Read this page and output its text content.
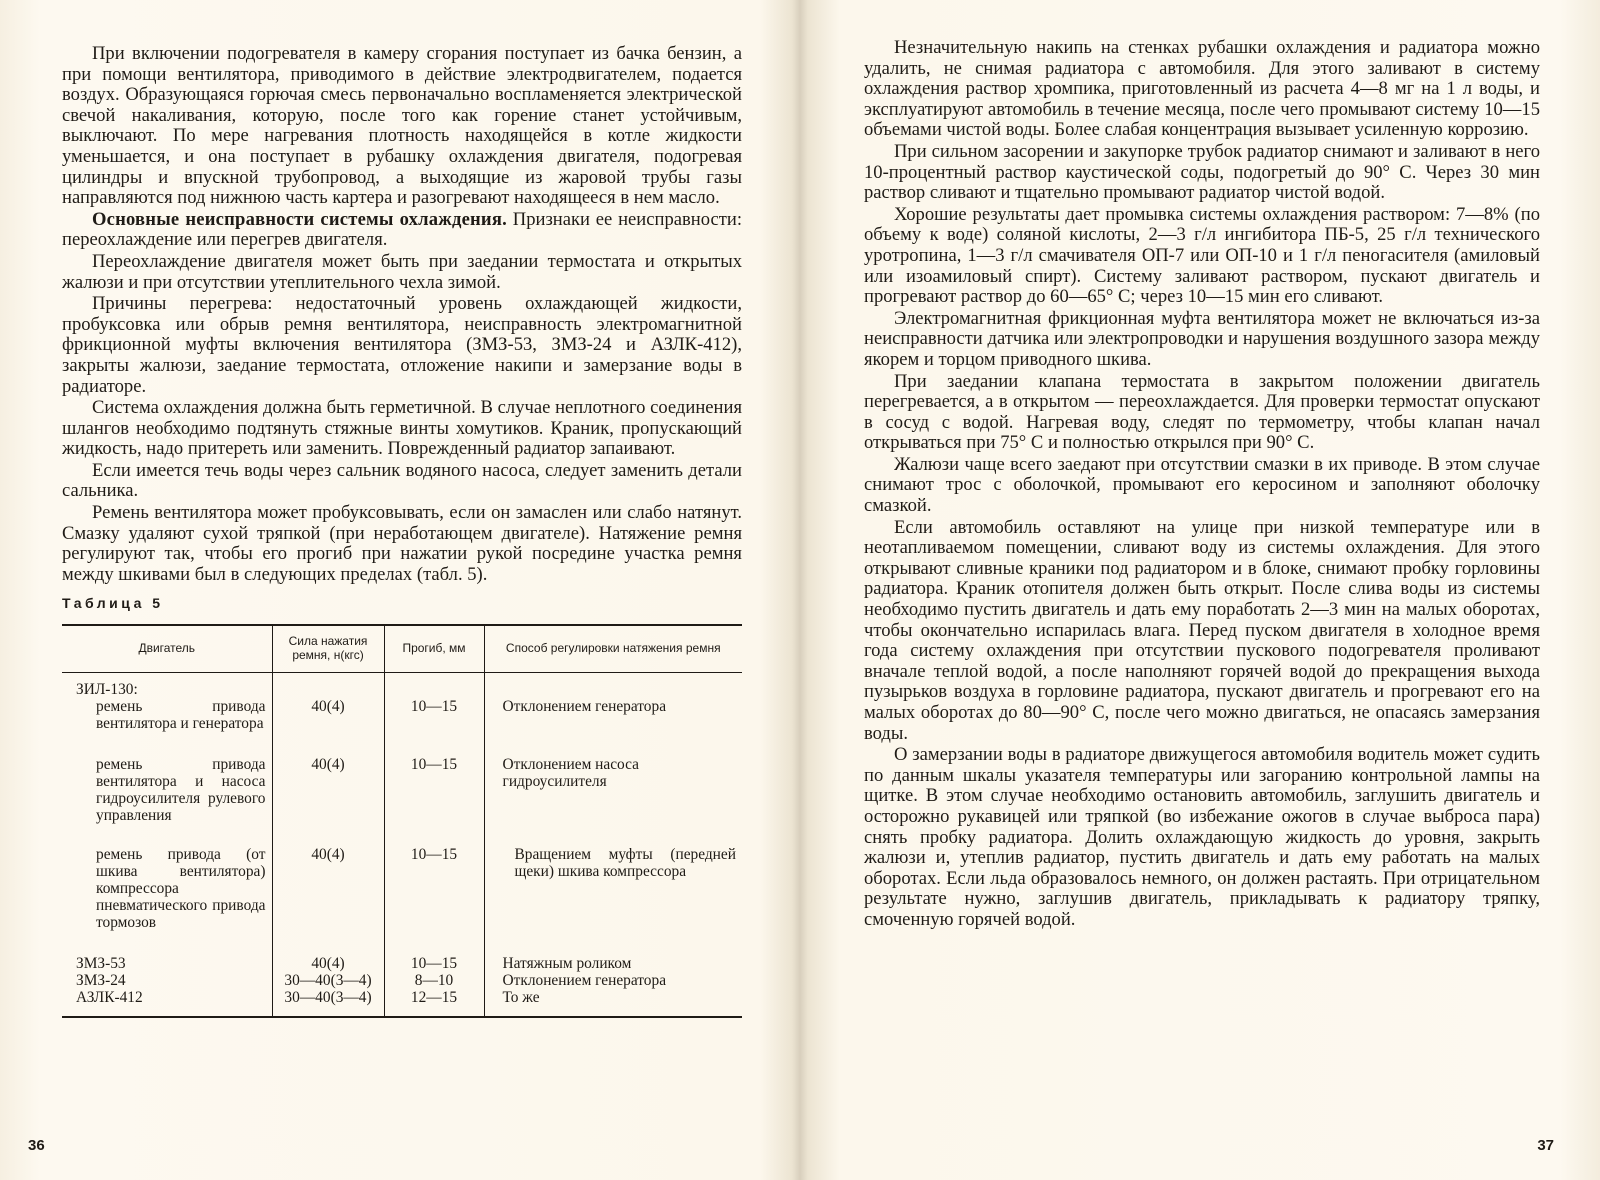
При включении подогревателя в камеру сгорания поступает из бачка бензин, а при помощи вентилятора, приводимого в действие электродвигателем, подается воздух. Образующаяся горючая смесь первоначально воспламеняется электрической свечой накаливания, которую, после того как горение станет устойчивым, выключают. По мере нагревания плотность находящейся в котле жидкости уменьшается, и она поступает в рубашку охлаждения двигателя, подогревая цилиндры и впускной трубопровод, а выходящие из жаровой трубы газы направляются под нижнюю часть картера и разогревают находящееся в нем масло.

Основные неисправности системы охлаждения. Признаки ее неисправности: переохлаждение или перегрев двигателя.

Переохлаждение двигателя может быть при заедании термостата и открытых жалюзи и при отсутствии утеплительного чехла зимой.

Причины перегрева: недостаточный уровень охлаждающей жидкости, пробуксовка или обрыв ремня вентилятора, неисправность электромагнитной фрикционной муфты включения вентилятора (ЗМЗ-53, ЗМЗ-24 и АЗЛК-412), закрыты жалюзи, заедание термостата, отложение накипи и замерзание воды в радиаторе.

Система охлаждения должна быть герметичной. В случае неплотного соединения шлангов необходимо подтянуть стяжные винты хомутиков. Краник, пропускающий жидкость, надо притереть или заменить. Поврежденный радиатор запаивают.

Если имеется течь воды через сальник водяного насоса, следует заменить детали сальника.

Ремень вентилятора может пробуксовывать, если он замаслен или слабо натянут. Смазку удаляют сухой тряпкой (при неработающем двигателе). Натяжение ремня регулируют так, чтобы его прогиб при нажатии рукой посредине участка ремня между шкивами был в следующих пределах (табл. 5).

Таблица 5
Двигатель	Сила нажатия ремня, н(кгс)	Прогиб, мм	Способ регулировки натяжения ремня
ЗИЛ-130:			

ремень привода вентилятора и генератора	40(4)	10—15	Отклонением генератора

ремень привода вентилятора и насоса гидроусилителя рулевого управления	40(4)	10—15	Отклонением насоса гидроусилителя

ремень привода (от шкива вентилятора) компрессора пневматического привода тормозов	40(4)	10—15	Вращением муфты (передней щеки) шкива компрессора
ЗМЗ-53	40(4)	10—15	Натяжным роликом
ЗМЗ-24	30—40(3—4)	8—10	Отклонением генератора
АЗЛК-412	30—40(3—4)	12—15	То же
36

Незначительную накипь на стенках рубашки охлаждения и радиатора можно удалить, не снимая радиатора с автомобиля. Для этого заливают в систему охлаждения раствор хромпика, приготовленный из расчета 4—8 мг на 1 л воды, и эксплуатируют автомобиль в течение месяца, после чего промывают систему 10—15 объемами чистой воды. Более слабая концентрация вызывает усиленную коррозию.

При сильном засорении и закупорке трубок радиатор снимают и заливают в него 10-процентный раствор каустической соды, подогретый до 90° С. Через 30 мин раствор сливают и тщательно промывают радиатор чистой водой.

Хорошие результаты дает промывка системы охлаждения раствором: 7—8% (по объему к воде) соляной кислоты, 2—3 г/л ингибитора ПБ-5, 25 г/л технического уротропина, 1—3 г/л смачивателя ОП-7 или ОП-10 и 1 г/л пеногасителя (амиловый или изоамиловый спирт). Систему заливают раствором, пускают двигатель и прогревают раствор до 60—65° С; через 10—15 мин его сливают.

Электромагнитная фрикционная муфта вентилятора может не включаться из-за неисправности датчика или электропроводки и нарушения воздушного зазора между якорем и торцом приводного шкива.

При заедании клапана термостата в закрытом положении двигатель перегревается, а в открытом — переохлаждается. Для проверки термостат опускают в сосуд с водой. Нагревая воду, следят по термометру, чтобы клапан начал открываться при 75° С и полностью открылся при 90° С.

Жалюзи чаще всего заедают при отсутствии смазки в их приводе. В этом случае снимают трос с оболочкой, промывают его керосином и заполняют оболочку смазкой.

Если автомобиль оставляют на улице при низкой температуре или в неотапливаемом помещении, сливают воду из системы охлаждения. Для этого открывают сливные краники под радиатором и в блоке, снимают пробку горловины радиатора. Краник отопителя должен быть открыт. После слива воды из системы необходимо пустить двигатель и дать ему поработать 2—3 мин на малых оборотах, чтобы окончательно испарилась влага. Перед пуском двигателя в холодное время года систему охлаждения при отсутствии пускового подогревателя проливают вначале теплой водой, а после наполняют горячей водой до прекращения выхода пузырьков воздуха в горловине радиатора, пускают двигатель и прогревают его на малых оборотах до 80—90° С, после чего можно двигаться, не опасаясь замерзания воды.

О замерзании воды в радиаторе движущегося автомобиля водитель может судить по данным шкалы указателя температуры или загоранию контрольной лампы на щитке. В этом случае необходимо остановить автомобиль, заглушить двигатель и осторожно рукавицей или тряпкой (во избежание ожогов в случае выброса пара) снять пробку радиатора. Долить охлаждающую жидкость до уровня, закрыть жалюзи и, утеплив радиатор, пустить двигатель и дать ему работать на малых оборотах. Если льда образовалось немного, он должен растаять. При отрицательном результате нужно, заглушив двигатель, прикладывать к радиатору тряпку, смоченную горячей водой.

37
